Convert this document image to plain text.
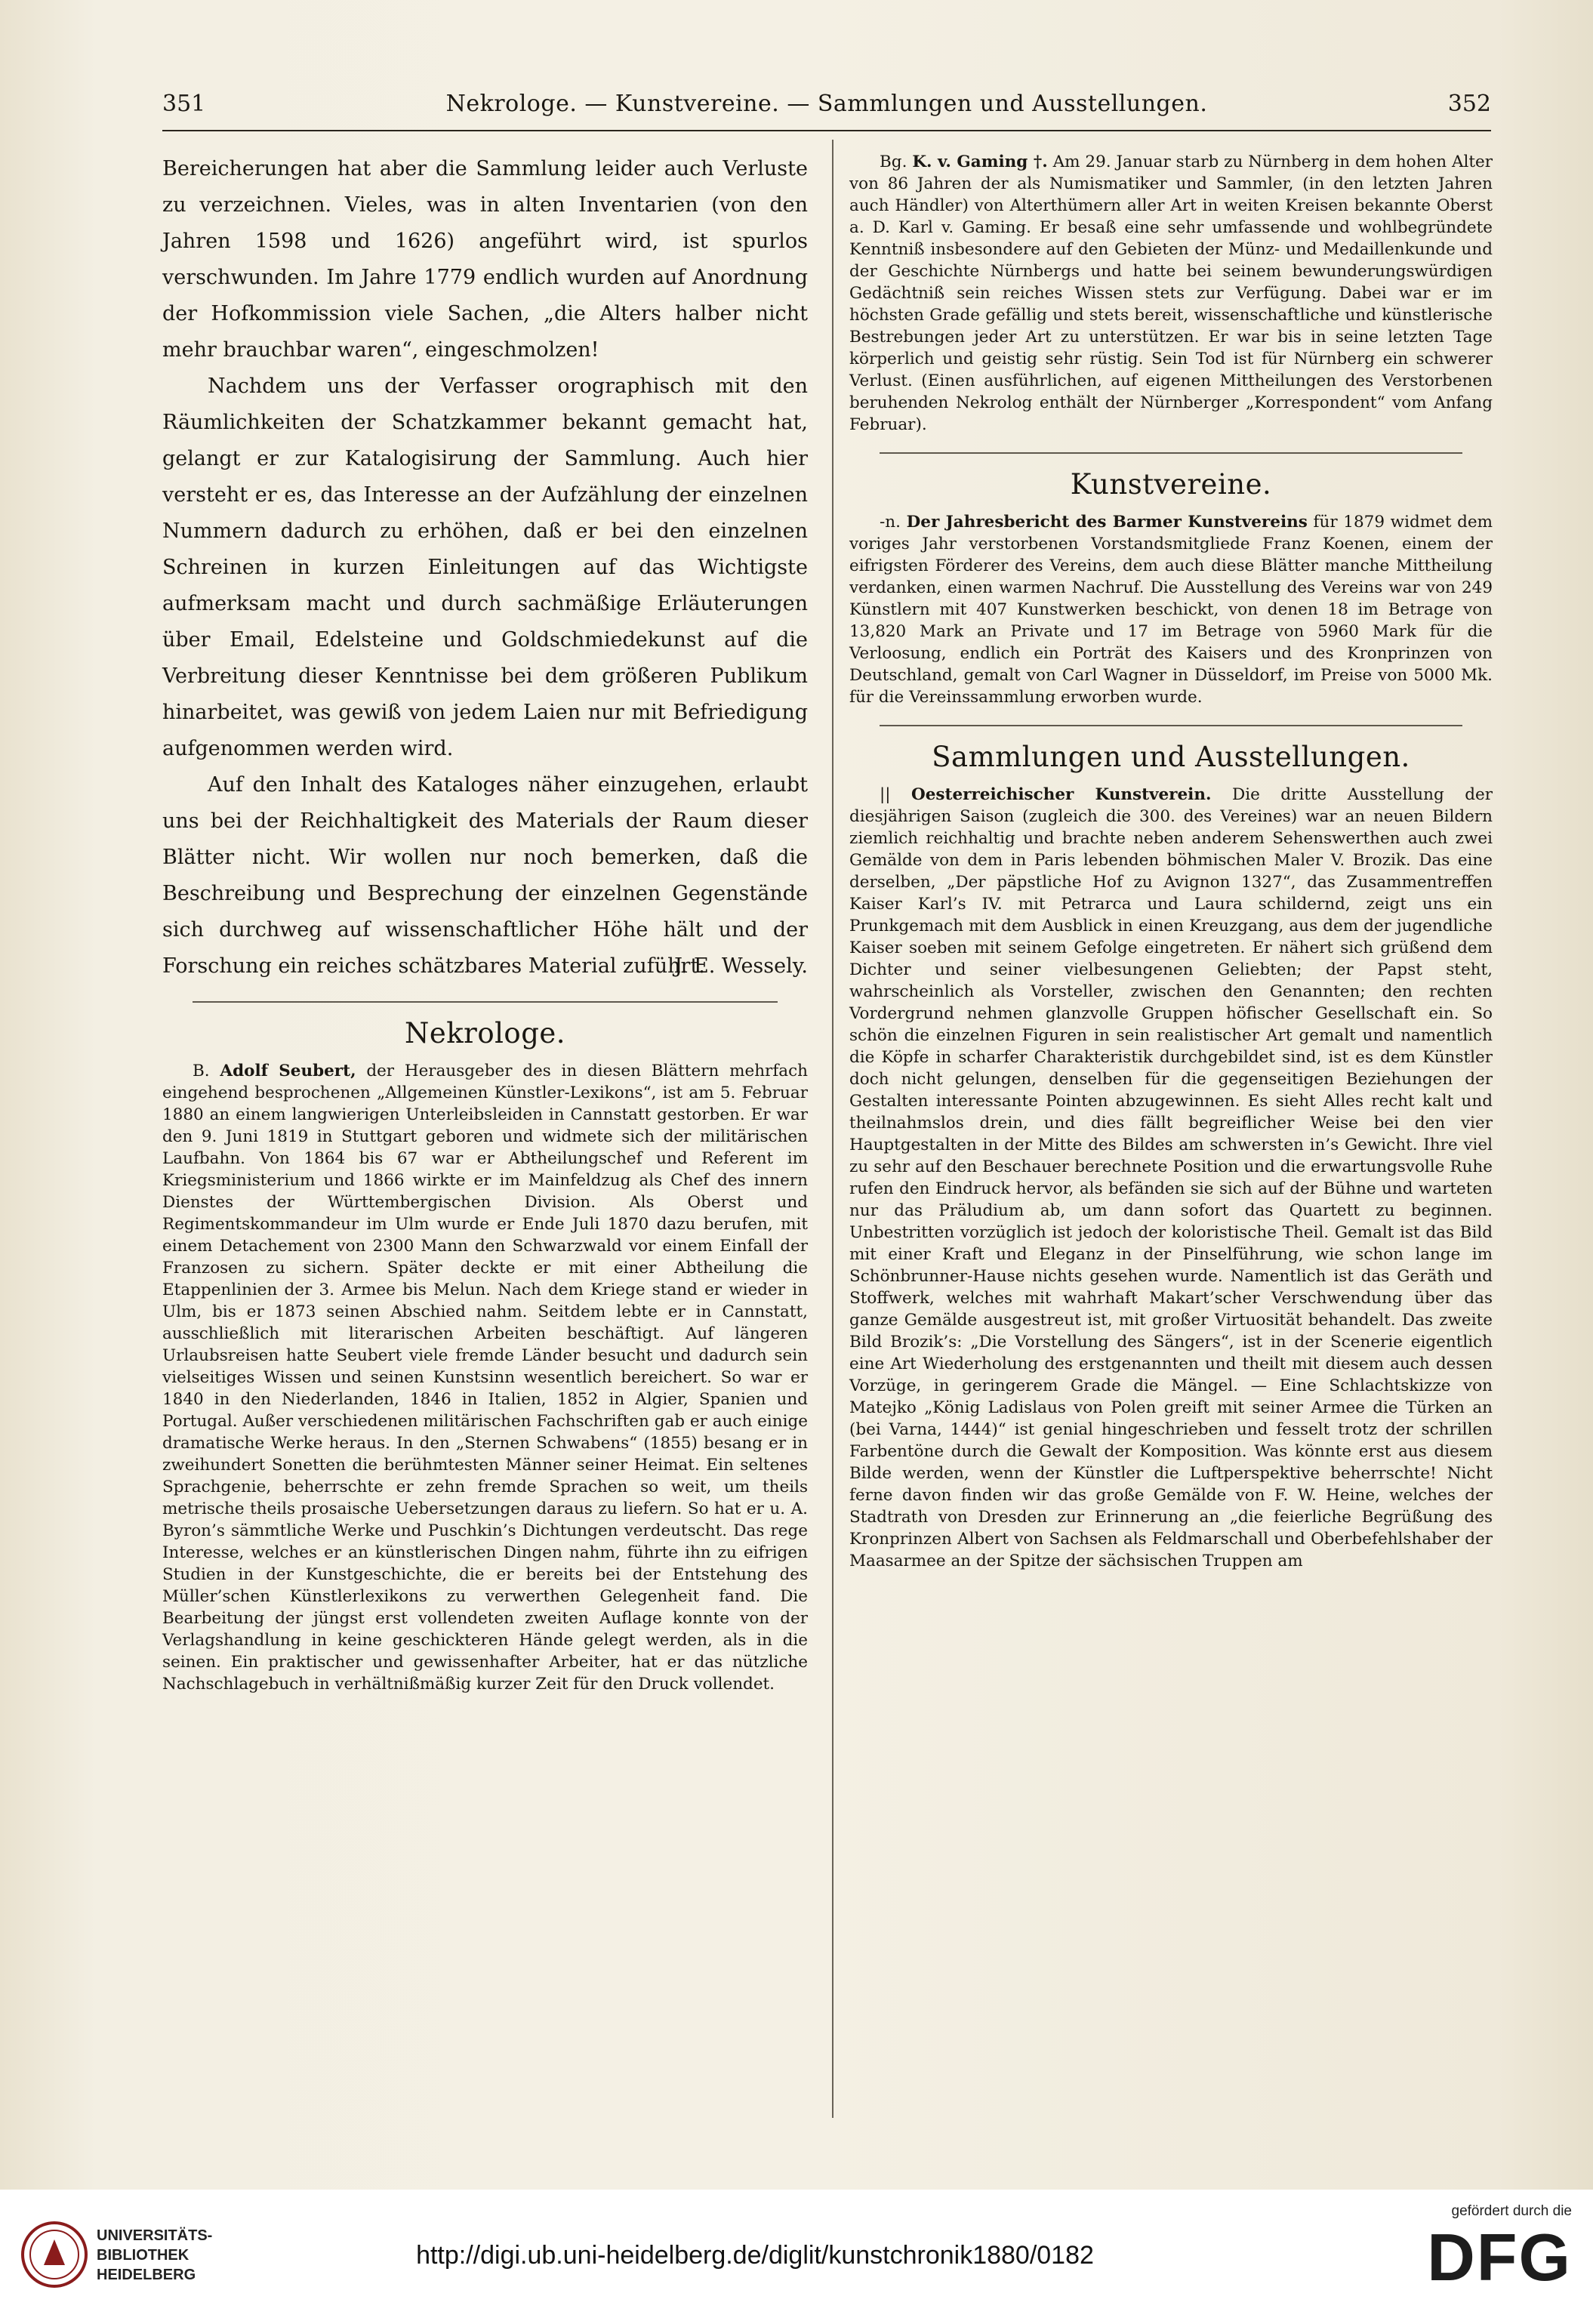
351	Nekrologe. — Kunstvereine. — Sammlungen und Ausstellungen.	352

Bereicherungen hat aber die Sammlung leider auch Verluste zu verzeichnen. Vieles, was in alten Inventarien (von den Jahren 1598 und 1626) angeführt wird, ist spurlos verschwunden. Im Jahre 1779 endlich wurden auf Anordnung der Hofkommission viele Sachen, „die Alters halber nicht mehr brauchbar waren“, eingeschmolzen!

Nachdem uns der Verfasser orographisch mit den Räumlichkeiten der Schatzkammer bekannt gemacht hat, gelangt er zur Katalogisirung der Sammlung. Auch hier versteht er es, das Interesse an der Aufzählung der einzelnen Nummern dadurch zu erhöhen, daß er bei den einzelnen Schreinen in kurzen Einleitungen auf das Wichtigste aufmerksam macht und durch sachmäßige Erläuterungen über Email, Edelsteine und Goldschmiedekunst auf die Verbreitung dieser Kenntnisse bei dem größeren Publikum hinarbeitet, was gewiß von jedem Laien nur mit Befriedigung aufgenommen werden wird.

Auf den Inhalt des Kataloges näher einzugehen, erlaubt uns bei der Reichhaltigkeit des Materials der Raum dieser Blätter nicht. Wir wollen nur noch bemerken, daß die Beschreibung und Besprechung der einzelnen Gegenstände sich durchweg auf wissenschaftlicher Höhe hält und der Forschung ein reiches schätzbares Material zuführt.

J. E. Wessely.
Nekrologe.

B. Adolf Seubert, der Herausgeber des in diesen Blättern mehrfach eingehend besprochenen „Allgemeinen Künstler-Lexikons“, ist am 5. Februar 1880 an einem langwierigen Unterleibsleiden in Cannstatt gestorben. Er war den 9. Juni 1819 in Stuttgart geboren und widmete sich der militärischen Laufbahn. Von 1864 bis 67 war er Abtheilungschef und Referent im Kriegsministerium und 1866 wirkte er im Mainfeldzug als Chef des innern Dienstes der Württembergischen Division. Als Oberst und Regimentskommandeur im Ulm wurde er Ende Juli 1870 dazu berufen, mit einem Detachement von 2300 Mann den Schwarzwald vor einem Einfall der Franzosen zu sichern. Später deckte er mit einer Abtheilung die Etappenlinien der 3. Armee bis Melun. Nach dem Kriege stand er wieder in Ulm, bis er 1873 seinen Abschied nahm. Seitdem lebte er in Cannstatt, ausschließlich mit literarischen Arbeiten beschäftigt. Auf längeren Urlaubsreisen hatte Seubert viele fremde Länder besucht und dadurch sein vielseitiges Wissen und seinen Kunstsinn wesentlich bereichert. So war er 1840 in den Niederlanden, 1846 in Italien, 1852 in Algier, Spanien und Portugal. Außer verschiedenen militärischen Fachschriften gab er auch einige dramatische Werke heraus. In den „Sternen Schwabens“ (1855) besang er in zweihundert Sonetten die berühmtesten Männer seiner Heimat. Ein seltenes Sprachgenie, beherrschte er zehn fremde Sprachen so weit, um theils metrische theils prosaische Uebersetzungen daraus zu liefern. So hat er u. A. Byron’s sämmtliche Werke und Puschkin’s Dichtungen verdeutscht. Das rege Interesse, welches er an künstlerischen Dingen nahm, führte ihn zu eifrigen Studien in der Kunstgeschichte, die er bereits bei der Entstehung des Müller’schen Künstlerlexikons zu verwerthen Gelegenheit fand. Die Bearbeitung der jüngst erst vollendeten zweiten Auflage konnte von der Verlagshandlung in keine geschickteren Hände gelegt werden, als in die seinen. Ein praktischer und gewissenhafter Arbeiter, hat er das nützliche Nachschlagebuch in verhältnißmäßig kurzer Zeit für den Druck vollendet.

Bg. K. v. Gaming †. Am 29. Januar starb zu Nürnberg in dem hohen Alter von 86 Jahren der als Numismatiker und Sammler, (in den letzten Jahren auch Händler) von Alterthümern aller Art in weiten Kreisen bekannte Oberst a. D. Karl v. Gaming. Er besaß eine sehr umfassende und wohlbegründete Kenntniß insbesondere auf den Gebieten der Münz- und Medaillenkunde und der Geschichte Nürnbergs und hatte bei seinem bewunderungswürdigen Gedächtniß sein reiches Wissen stets zur Verfügung. Dabei war er im höchsten Grade gefällig und stets bereit, wissenschaftliche und künstlerische Bestrebungen jeder Art zu unterstützen. Er war bis in seine letzten Tage körperlich und geistig sehr rüstig. Sein Tod ist für Nürnberg ein schwerer Verlust. (Einen ausführlichen, auf eigenen Mittheilungen des Verstorbenen beruhenden Nekrolog enthält der Nürnberger „Korrespondent“ vom Anfang Februar).

Kunstvereine.

-n. Der Jahresbericht des Barmer Kunstvereins für 1879 widmet dem voriges Jahr verstorbenen Vorstandsmitgliede Franz Koenen, einem der eifrigsten Förderer des Vereins, dem auch diese Blätter manche Mittheilung verdanken, einen warmen Nachruf. Die Ausstellung des Vereins war von 249 Künstlern mit 407 Kunstwerken beschickt, von denen 18 im Betrage von 13,820 Mark an Private und 17 im Betrage von 5960 Mark für die Verloosung, endlich ein Porträt des Kaisers und des Kronprinzen von Deutschland, gemalt von Carl Wagner in Düsseldorf, im Preise von 5000 Mk. für die Vereinssammlung erworben wurde.

Sammlungen und Ausstellungen.

|| Oesterreichischer Kunstverein. Die dritte Ausstellung der diesjährigen Saison (zugleich die 300. des Vereines) war an neuen Bildern ziemlich reichhaltig und brachte neben anderem Sehenswerthen auch zwei Gemälde von dem in Paris lebenden böhmischen Maler V. Brozik. Das eine derselben, „Der päpstliche Hof zu Avignon 1327“, das Zusammentreffen Kaiser Karl’s IV. mit Petrarca und Laura schildernd, zeigt uns ein Prunkgemach mit dem Ausblick in einen Kreuzgang, aus dem der jugendliche Kaiser soeben mit seinem Gefolge eingetreten. Er nähert sich grüßend dem Dichter und seiner vielbesungenen Geliebten; der Papst steht, wahrscheinlich als Vorsteller, zwischen den Genannten; den rechten Vordergrund nehmen glanzvolle Gruppen höfischer Gesellschaft ein. So schön die einzelnen Figuren in sein realistischer Art gemalt und namentlich die Köpfe in scharfer Charakteristik durchgebildet sind, ist es dem Künstler doch nicht gelungen, denselben für die gegenseitigen Beziehungen der Gestalten interessante Pointen abzugewinnen. Es sieht Alles recht kalt und theilnahmslos drein, und dies fällt begreiflicher Weise bei den vier Hauptgestalten in der Mitte des Bildes am schwersten in’s Gewicht. Ihre viel zu sehr auf den Beschauer berechnete Position und die erwartungsvolle Ruhe rufen den Eindruck hervor, als befänden sie sich auf der Bühne und warteten nur das Präludium ab, um dann sofort das Quartett zu beginnen. Unbestritten vorzüglich ist jedoch der koloristische Theil. Gemalt ist das Bild mit einer Kraft und Eleganz in der Pinselführung, wie schon lange im Schönbrunner-Hause nichts gesehen wurde. Namentlich ist das Geräth und Stoffwerk, welches mit wahrhaft Makart’scher Verschwendung über das ganze Gemälde ausgestreut ist, mit großer Virtuosität behandelt. Das zweite Bild Brozik’s: „Die Vorstellung des Sängers“, ist in der Scenerie eigentlich eine Art Wiederholung des erstgenannten und theilt mit diesem auch dessen Vorzüge, in geringerem Grade die Mängel. — Eine Schlachtskizze von Matejko „König Ladislaus von Polen greift mit seiner Armee die Türken an (bei Varna, 1444)“ ist genial hingeschrieben und fesselt trotz der schrillen Farbentöne durch die Gewalt der Komposition. Was könnte erst aus diesem Bilde werden, wenn der Künstler die Luftperspektive beherrschte! Nicht ferne davon finden wir das große Gemälde von F. W. Heine, welches der Stadtrath von Dresden zur Erinnerung an „die feierliche Begrüßung des Kronprinzen Albert von Sachsen als Feldmarschall und Oberbefehlshaber der Maasarmee an der Spitze der sächsischen Truppen am

UNIVERSITÄTS-
BIBLIOTHEK
HEIDELBERG
http://digi.ub.uni-heidelberg.de/diglit/kunstchronik1880/0182
gefördert durch die
DFG
